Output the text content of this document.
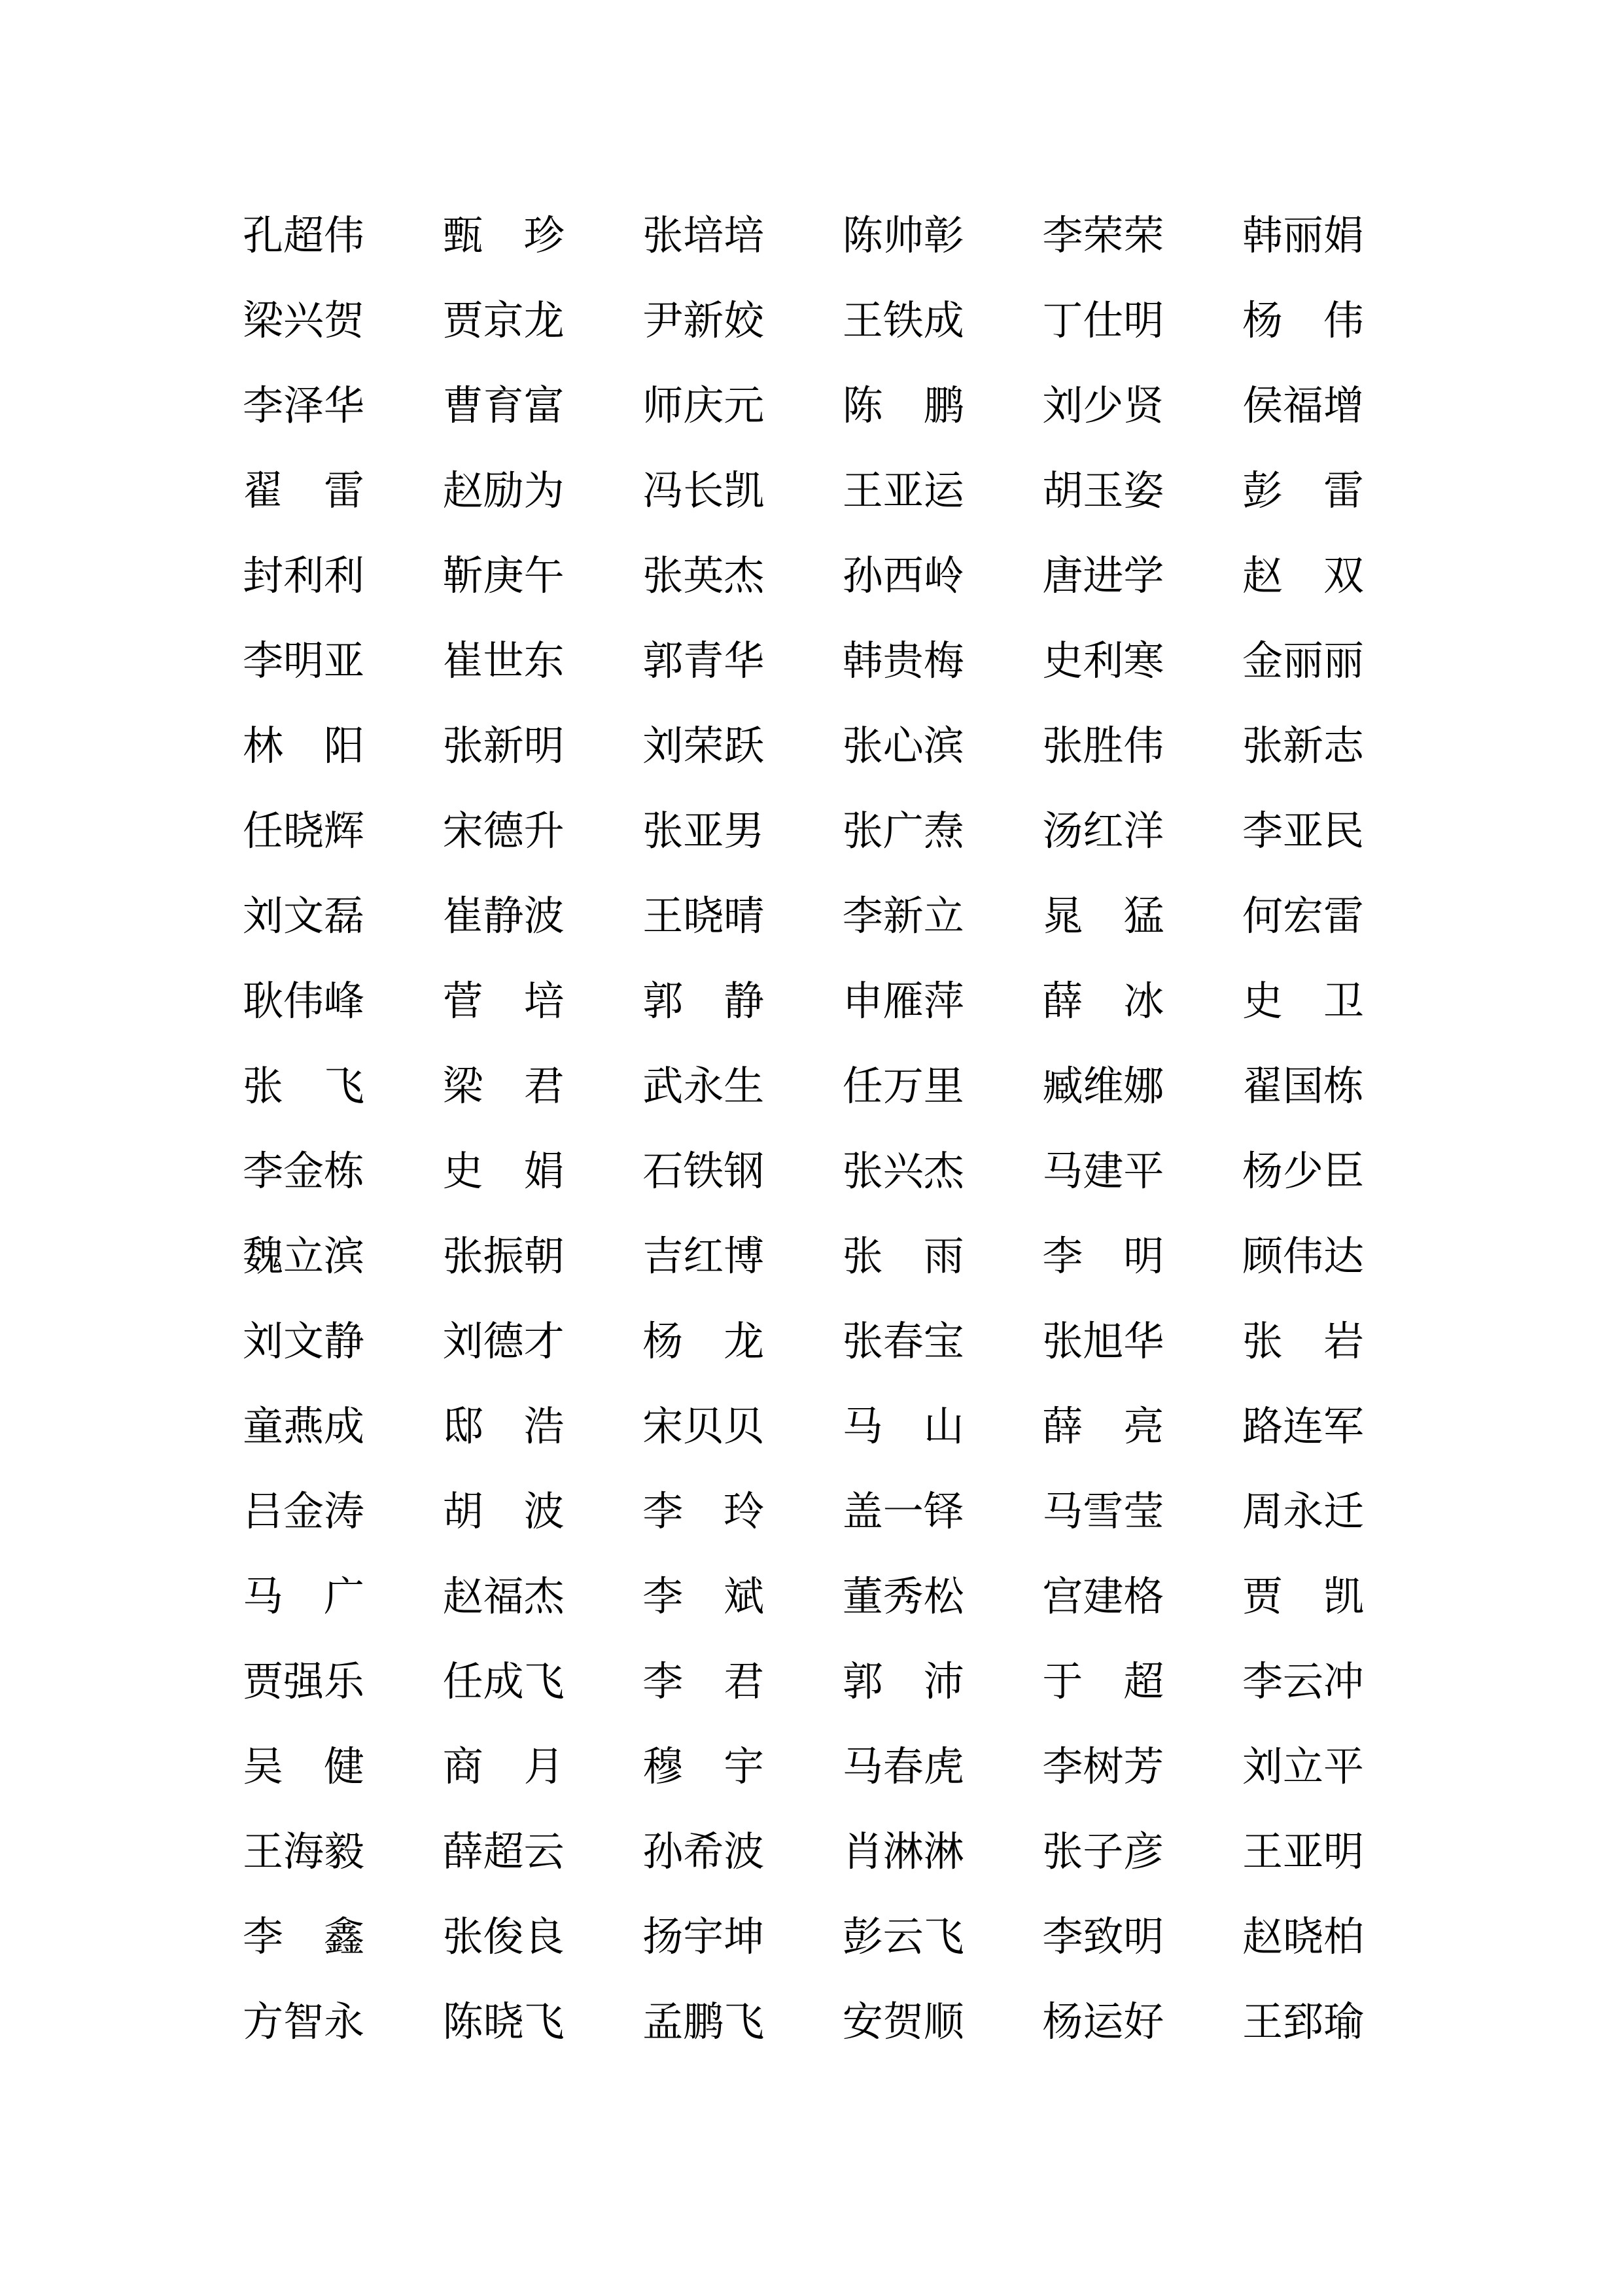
孔超伟 甄珍 张培培 陈帅彰 李荣荣 韩丽娟
梁兴贺 贾京龙 尹新姣 王铁成 丁仕明 杨伟
李泽华 曹育富 师庆元 陈鹏 刘少贤 侯福增
翟雷 赵励为 冯长凯 王亚运 胡玉姿 彭雷
封利利 靳庚午 张英杰 孙西岭 唐进学 赵双
李明亚 崔世东 郭青华 韩贵梅 史利寒 金丽丽
林阳 张新明 刘荣跃 张心滨 张胜伟 张新志
任晓辉 宋德升 张亚男 张广焘 汤红洋 李亚民
刘文磊 崔静波 王晓晴 李新立 晁猛 何宏雷
耿伟峰 菅培 郭静 申雁萍 薛冰 史卫
张飞 梁君 武永生 任万里 臧维娜 翟国栋
李金栋 史娟 石铁钢 张兴杰 马建平 杨少臣
魏立滨 张振朝 吉红博 张雨 李明 顾伟达
刘文静 刘德才 杨龙 张春宝 张旭华 张岩
童燕成 邸浩 宋贝贝 马山 薛亮 路连军
吕金涛 胡波 李玲 盖一铎 马雪莹 周永迁
马广 赵福杰 李斌 董秀松 宫建格 贾凯
贾强乐 任成飞 李君 郭沛 于超 李云冲
吴健 商月 穆宇 马春虎 李树芳 刘立平
王海毅 薛超云 孙希波 肖淋淋 张子彦 王亚明
李鑫 张俊良 扬宇坤 彭云飞 李致明 赵晓柏
方智永 陈晓飞 孟鹏飞 安贺顺 杨运好 王郅瑜
